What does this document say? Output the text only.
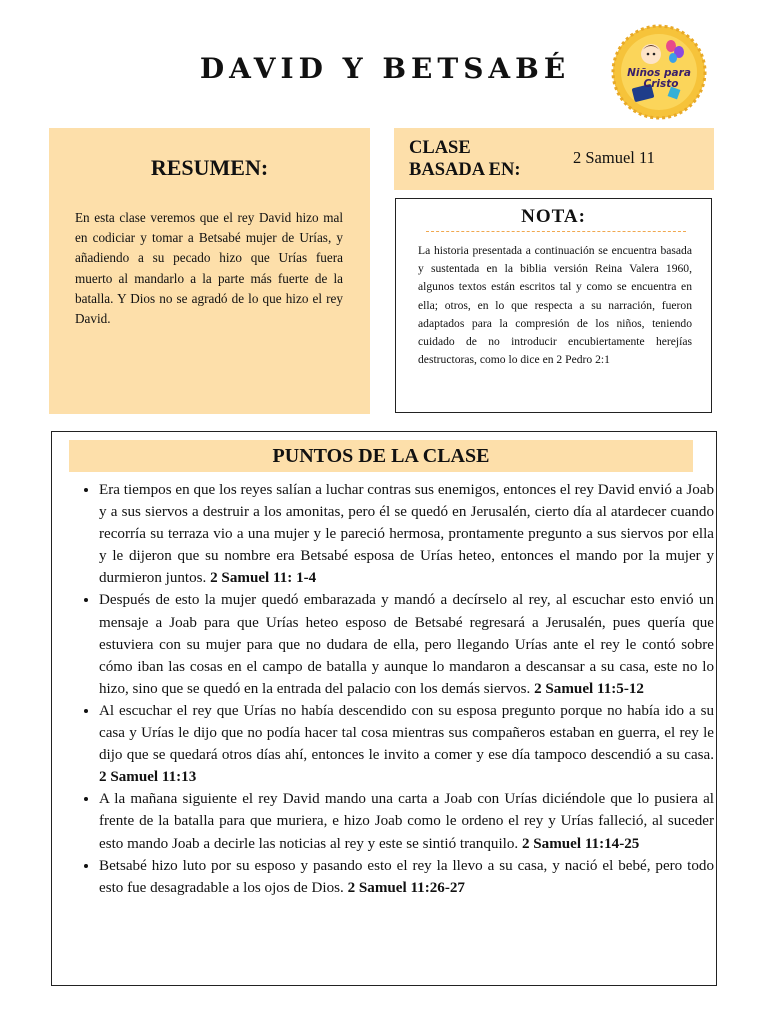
DAVID Y BETSABÉ	Niños para
Cristo
RESUMEN:
En esta clase veremos que el rey David hizo mal en codiciar y tomar a Betsabé mujer de Urías, y añadiendo a su pecado hizo que Urías fuera muerto al mandarlo a la parte más fuerte de la batalla. Y Dios no se agradó de lo que hizo el rey David.
CLASE BASADA EN:
2 Samuel 11
NOTA:
La historia presentada a continuación se encuentra basada y sustentada en la biblia versión Reina Valera 1960, algunos textos están escritos tal y como se encuentra en ella; otros, en lo que respecta a su narración, fueron adaptados para la compresión de los niños, teniendo cuidado de no introducir encubiertamente herejías destructoras, como lo dice en 2 Pedro 2:1
PUNTOS DE LA CLASE
• Era tiempos en que los reyes salían a luchar contras sus enemigos, entonces el rey David envió a Joab y a sus siervos a destruir a los amonitas, pero él se quedó en Jerusalén, cierto día al atardecer cuando recorría su terraza vio a una mujer y le pareció hermosa, prontamente pregunto a sus siervos por ella y le dijeron que su nombre era Betsabé esposa de Urías heteo, entonces el mando por la mujer y durmieron juntos. 2 Samuel 11: 1-4
• Después de esto la mujer quedó embarazada y mandó a decírselo al rey, al escuchar esto envió un mensaje a Joab para que Urías heteo esposo de Betsabé regresará a Jerusalén, pues quería que estuviera con su mujer para que no dudara de ella, pero llegando Urías ante el rey le contó sobre cómo iban las cosas en el campo de batalla y aunque lo mandaron a descansar a su casa, este no lo hizo, sino que se quedó en la entrada del palacio con los demás siervos. 2 Samuel 11:5-12
• Al escuchar el rey que Urías no había descendido con su esposa pregunto porque no había ido a su casa y Urías le dijo que no podía hacer tal cosa mientras sus compañeros estaban en guerra, el rey le dijo que se quedará otros días ahí, entonces le invito a comer y ese día tampoco descendió a su casa. 2 Samuel 11:13
• A la mañana siguiente el rey David mando una carta a Joab con Urías diciéndole que lo pusiera al frente de la batalla para que muriera, e hizo Joab como le ordeno el rey y Urías falleció, al suceder esto mando Joab a decirle las noticias al rey y este se sintió tranquilo. 2 Samuel 11:14-25
• Betsabé hizo luto por su esposo y pasando esto el rey la llevo a su casa, y nació el bebé, pero todo esto fue desagradable a los ojos de Dios. 2 Samuel 11:26-27
